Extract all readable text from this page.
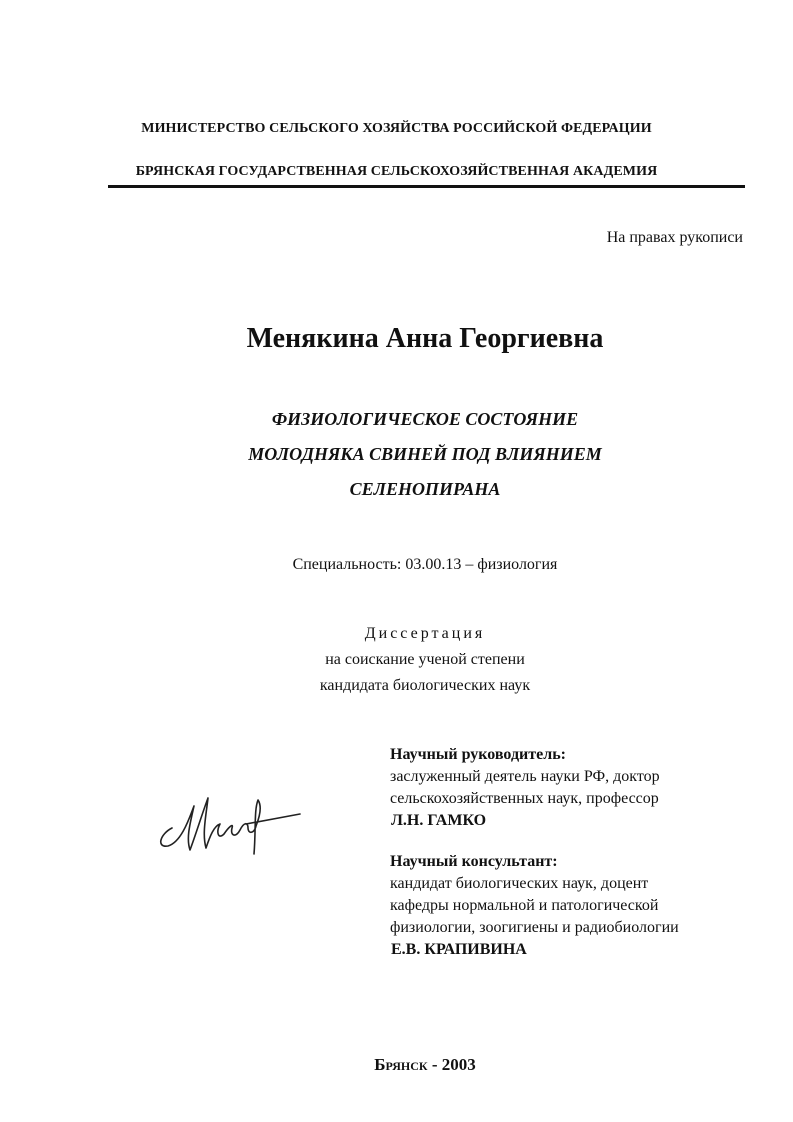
МИНИСТЕРСТВО СЕЛЬСКОГО ХОЗЯЙСТВА РОССИЙСКОЙ ФЕДЕРАЦИИ
БРЯНСКАЯ ГОСУДАРСТВЕННАЯ СЕЛЬСКОХОЗЯЙСТВЕННАЯ АКАДЕМИЯ
На правах рукописи
Менякина Анна Георгиевна
ФИЗИОЛОГИЧЕСКОЕ СОСТОЯНИЕ
МОЛОДНЯКА СВИНЕЙ ПОД ВЛИЯНИЕМ
СЕЛЕНОПИРАНА
Специальность: 03.00.13 – физиология
Диссертация
на соискание ученой степени
кандидата биологических наук
Научный руководитель:
заслуженный деятель науки РФ, доктор
сельскохозяйственных наук, профессор
Л.Н. ГАМКО
Научный консультант:
кандидат биологических наук, доцент
кафедры нормальной и патологической
физиологии, зоогигиены и радиобиологии
Е.В. КРАПИВИНА
Брянск - 2003
